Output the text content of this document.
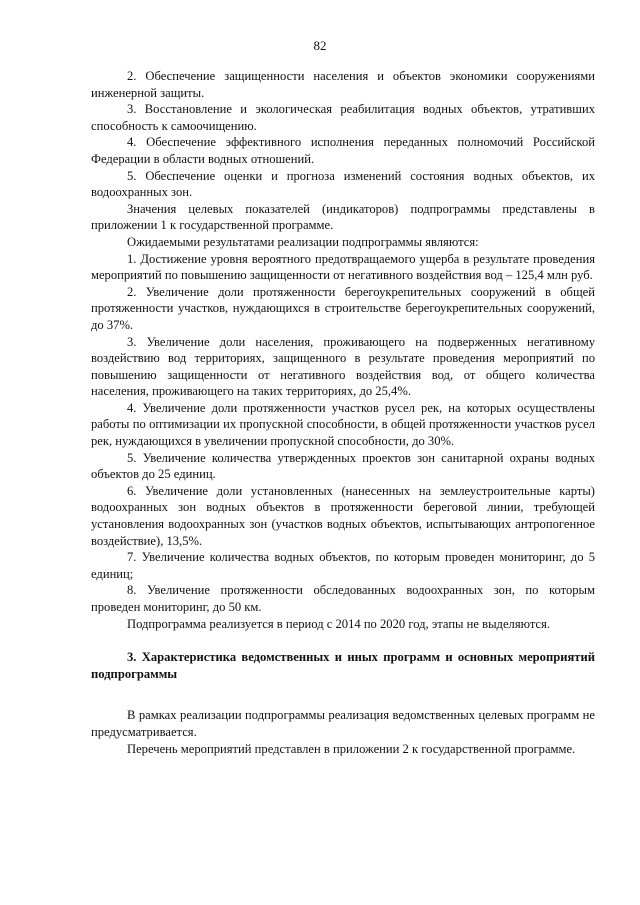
82

2. Обеспечение защищенности населения и объектов экономики сооружениями инженерной защиты.

3. Восстановление и экологическая реабилитация водных объектов, утративших способность к самоочищению.

4. Обеспечение эффективного исполнения переданных полномочий Российской Федерации в области водных отношений.

5. Обеспечение оценки и прогноза изменений состояния водных объектов, их водоохранных зон.

Значения целевых показателей (индикаторов) подпрограммы представлены в приложении 1 к государственной программе.

Ожидаемыми результатами реализации подпрограммы являются:

1. Достижение уровня вероятного предотвращаемого ущерба в результате проведения мероприятий по повышению защищенности от негативного воздействия вод – 125,4 млн руб.

2. Увеличение доли протяженности берегоукрепительных сооружений в общей протяженности участков, нуждающихся в строительстве берегоукрепительных сооружений, до 37%.

3. Увеличение доли населения, проживающего на подверженных негативному воздействию вод территориях, защищенного в результате проведения мероприятий по повышению защищенности от негативного воздействия вод, от общего количества населения, проживающего на таких территориях, до 25,4%.

4. Увеличение доли протяженности участков русел рек, на которых осуществлены работы по оптимизации их пропускной способности, в общей протяженности участков русел рек, нуждающихся в увеличении пропускной способности, до 30%.

5. Увеличение количества утвержденных проектов зон санитарной охраны водных объектов до 25 единиц.

6. Увеличение доли установленных (нанесенных на землеустроительные карты) водоохранных зон водных объектов в протяженности береговой линии, требующей установления водоохранных зон (участков водных объектов, испытывающих антропогенное воздействие), 13,5%.

7. Увеличение количества водных объектов, по которым проведен мониторинг, до 5 единиц;

8. Увеличение протяженности обследованных водоохранных зон, по которым проведен мониторинг, до 50 км.

Подпрограмма реализуется в период с 2014 по 2020 год, этапы не выделяются.

3. Характеристика ведомственных и иных программ и основных мероприятий подпрограммы

В рамках реализации подпрограммы реализация ведомственных целевых программ не предусматривается.

Перечень мероприятий представлен в приложении 2 к государственной программе.
